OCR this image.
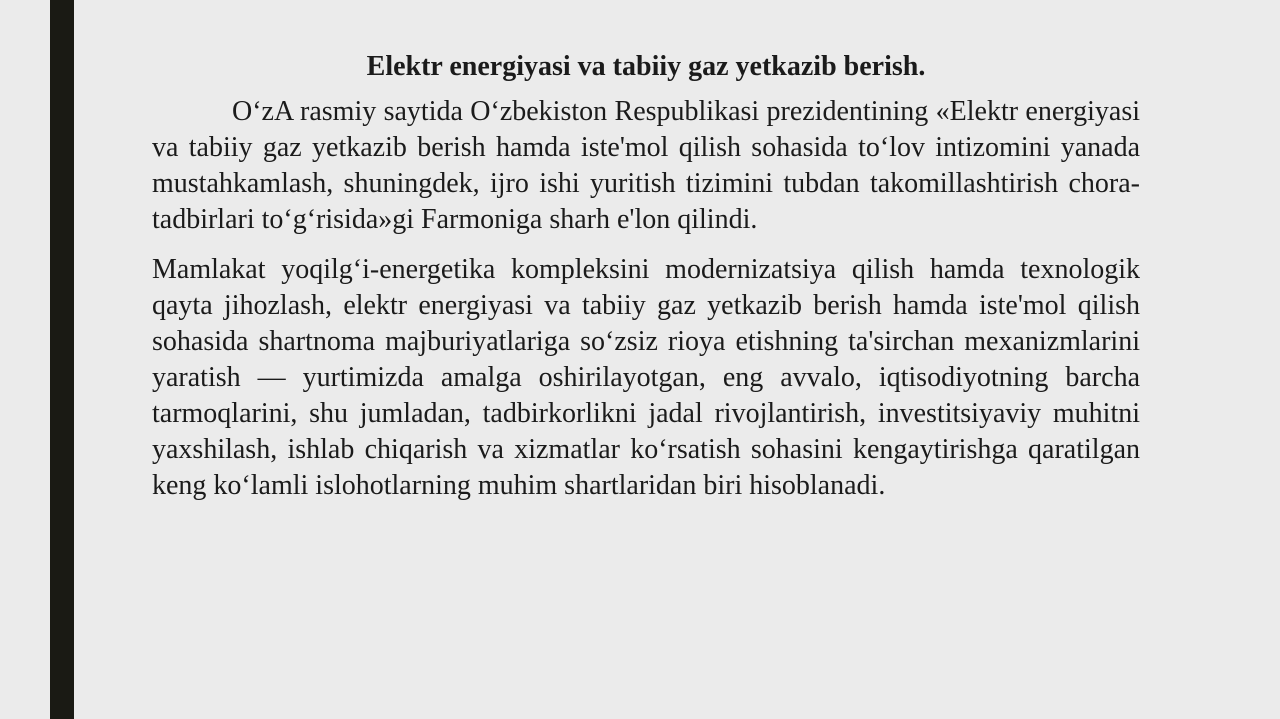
Elektr energiyasi va tabiiy gaz yetkazib berish.

O‘zA rasmiy saytida O‘zbekiston Respublikasi prezidentining «Elektr energiyasi va tabiiy gaz yetkazib berish hamda iste'mol qilish sohasida to‘lov intizomini yanada mustahkamlash, shuningdek, ijro ishi yuritish tizimini tubdan takomillashtirish chora-tadbirlari to‘g‘risida»gi Farmoniga sharh e'lon qilindi.

Mamlakat yoqilg‘i-energetika kompleksini modernizatsiya qilish hamda texnologik qayta jihozlash, elektr energiyasi va tabiiy gaz yetkazib berish hamda iste'mol qilish sohasida shartnoma majburiyatlariga so‘zsiz rioya etishning ta'sirchan mexanizmlarini yaratish — yurtimizda amalga oshirilayotgan, eng avvalo, iqtisodiyotning barcha tarmoqlarini, shu jumladan, tadbirkorlikni jadal rivojlantirish, investitsiyaviy muhitni yaxshilash, ishlab chiqarish va xizmatlar ko‘rsatish sohasini kengaytirishga qaratilgan keng ko‘lamli islohotlarning muhim shartlaridan biri hisoblanadi.
